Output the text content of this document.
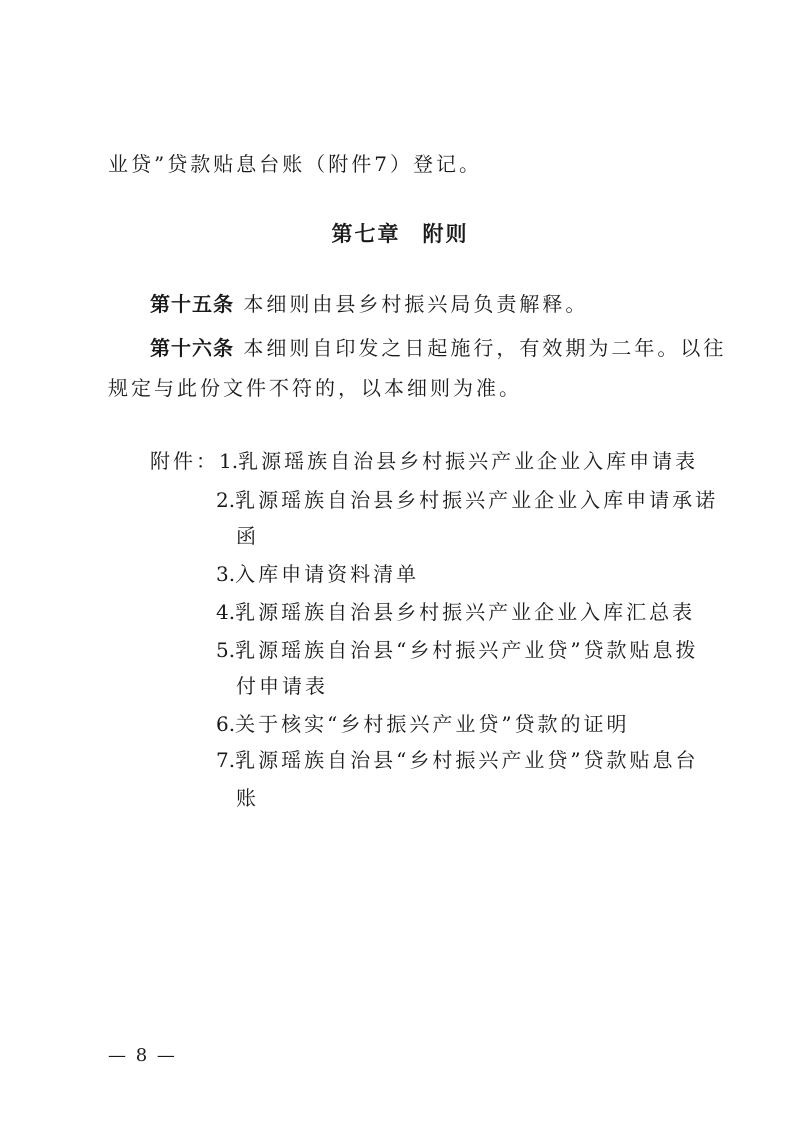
业贷”贷款贴息台账（附件7）登记。
第七章 附则
第十五条 本细则由县乡村振兴局负责解释。
第十六条 本细则自印发之日起施行，有效期为二年。以往
规定与此份文件不符的，以本细则为准。
附件：1.乳源瑶族自治县乡村振兴产业企业入库申请表
2.乳源瑶族自治县乡村振兴产业企业入库申请承诺
函
3.入库申请资料清单
4.乳源瑶族自治县乡村振兴产业企业入库汇总表
5.乳源瑶族自治县“乡村振兴产业贷”贷款贴息拨
付申请表
6.关于核实“乡村振兴产业贷”贷款的证明
7.乳源瑶族自治县“乡村振兴产业贷”贷款贴息台
账
— 8 —
